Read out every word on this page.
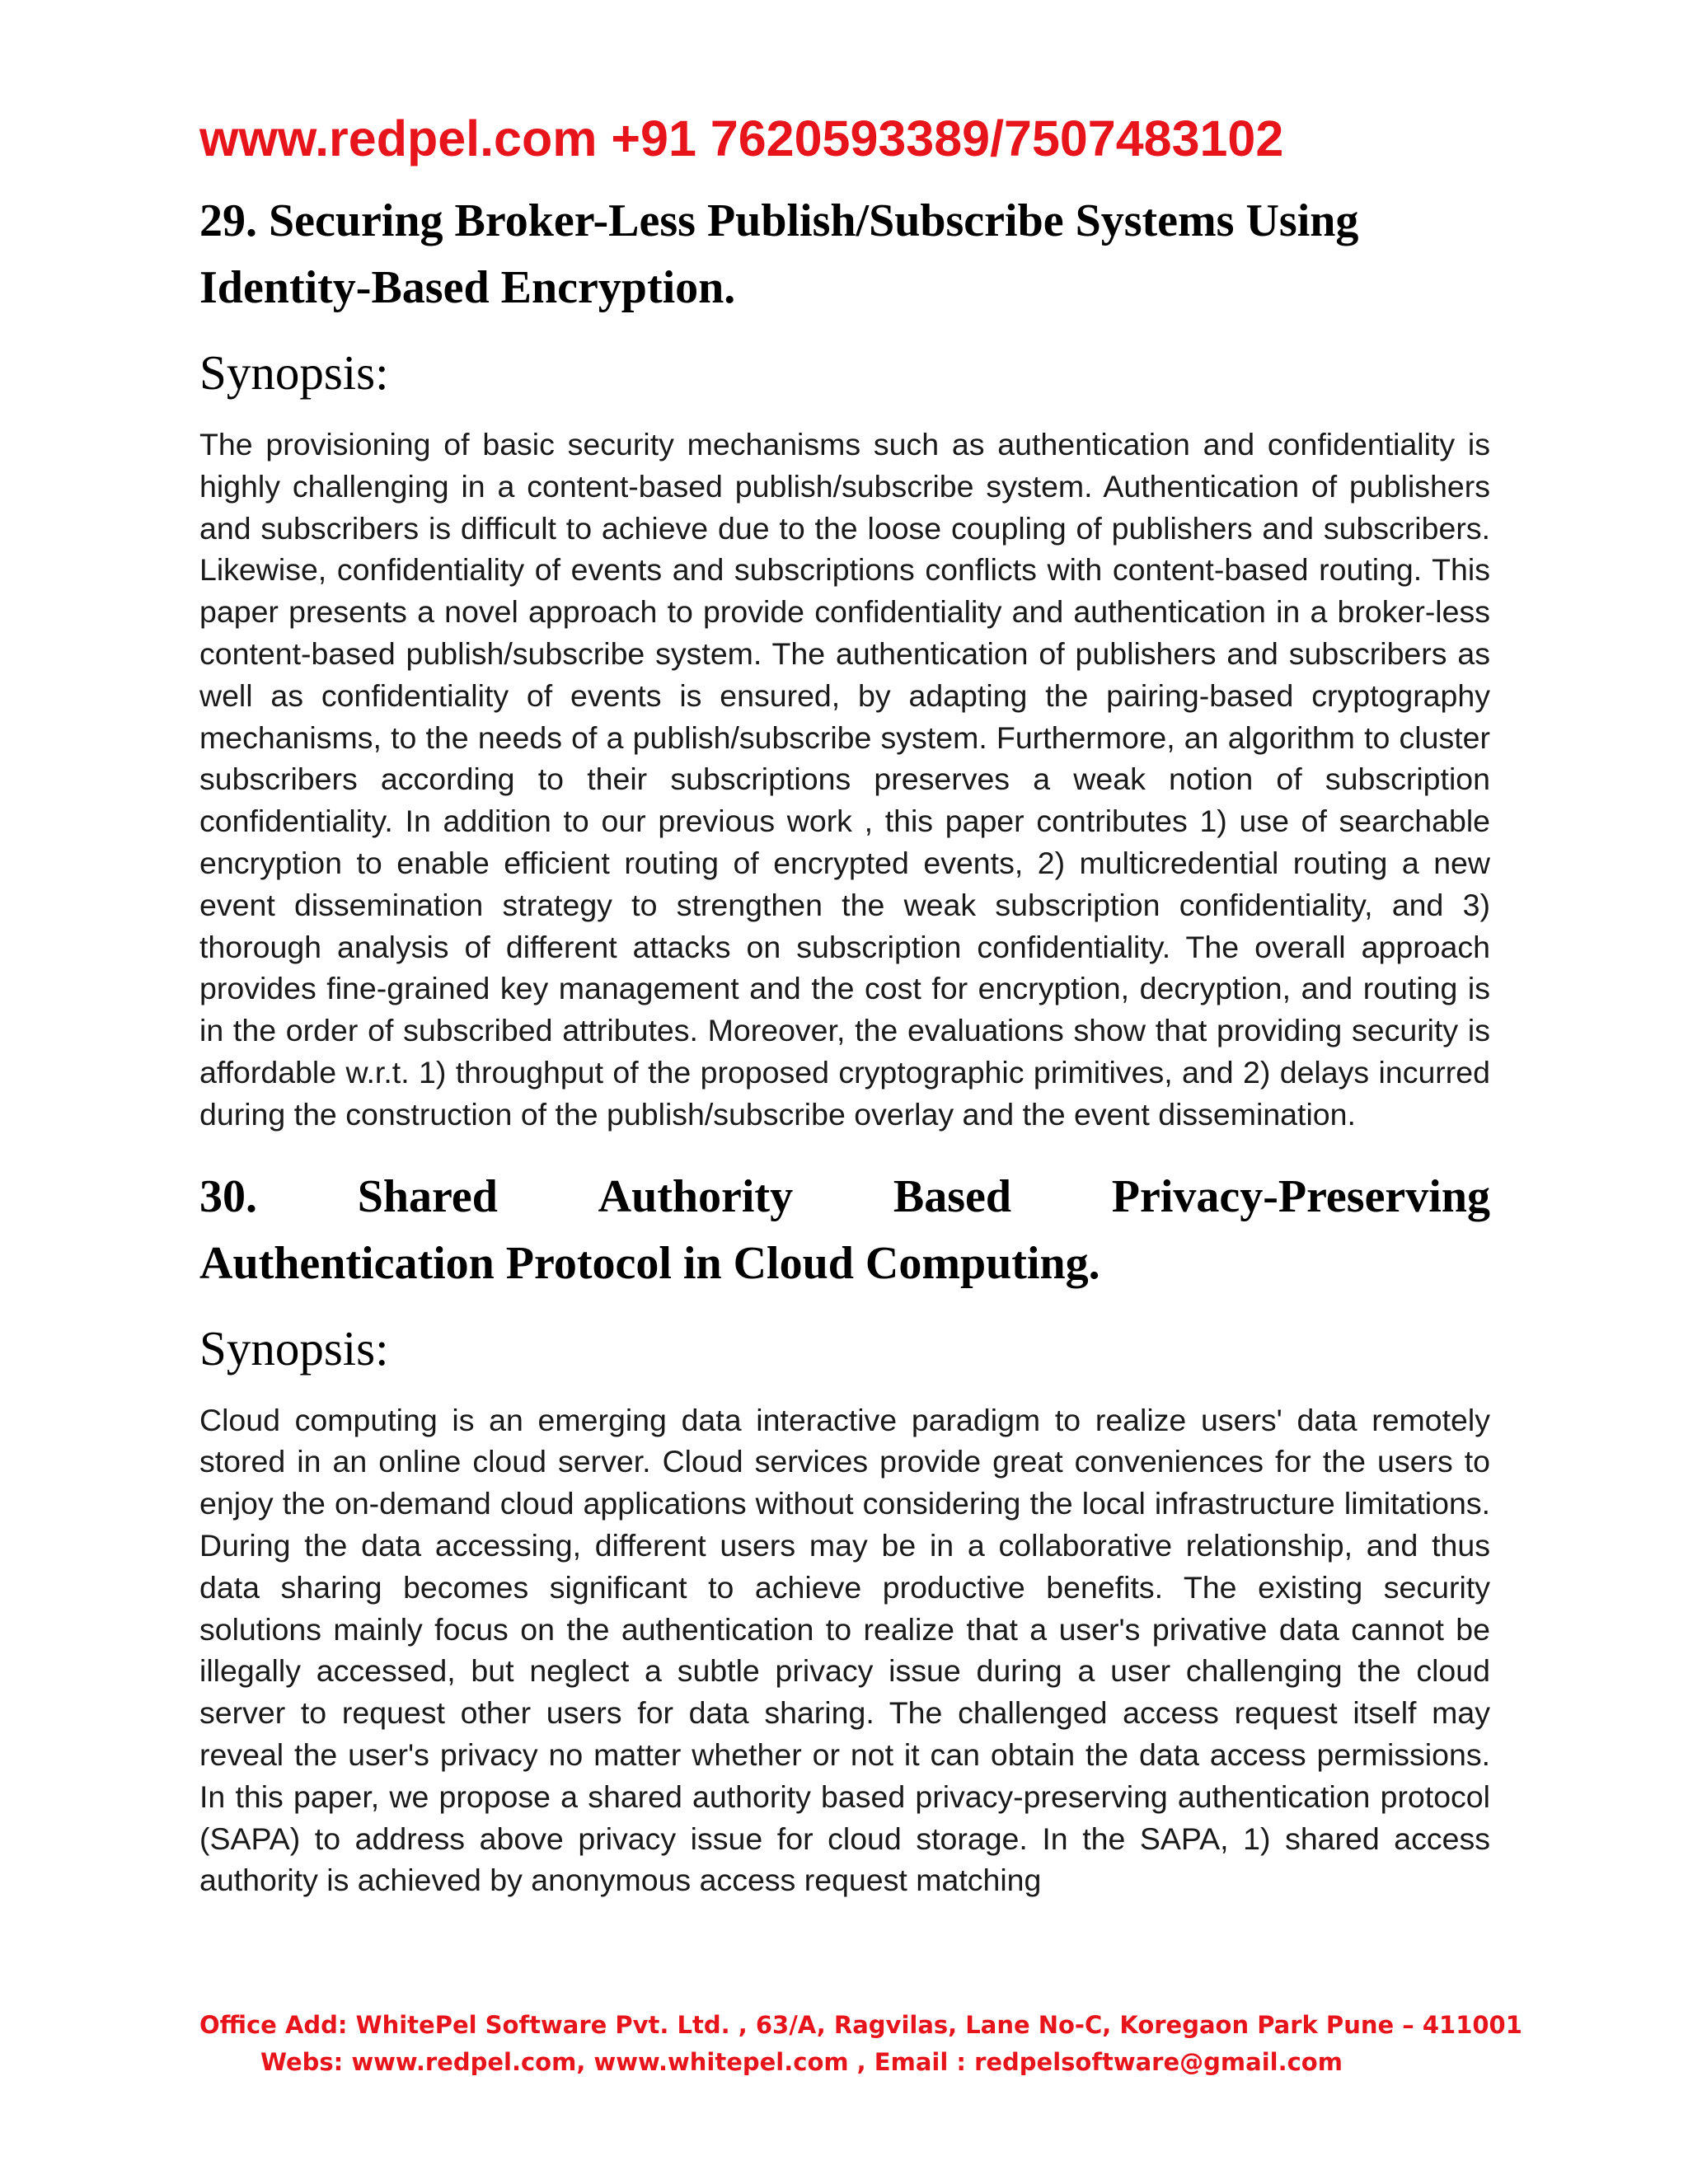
www.redpel.com +91 7620593389/7507483102
29. Securing Broker-Less Publish/Subscribe Systems Using
Identity-Based Encryption.
Synopsis:

The provisioning of basic security mechanisms such as authentication and confidentiality is highly challenging in a content-based publish/subscribe system. Authentication of publishers and subscribers is difficult to achieve due to the loose coupling of publishers and subscribers. Likewise, confidentiality of events and subscriptions conflicts with content-based routing. This paper presents a novel approach to provide confidentiality and authentication in a broker-less content-based publish/subscribe system. The authentication of publishers and subscribers as well as confidentiality of events is ensured, by adapting the pairing-based cryptography mechanisms, to the needs of a publish/subscribe system. Furthermore, an algorithm to cluster subscribers according to their subscriptions preserves a weak notion of subscription confidentiality. In addition to our previous work , this paper contributes 1) use of searchable encryption to enable efficient routing of encrypted events, 2) multicredential routing a new event dissemination strategy to strengthen the weak subscription confidentiality, and 3) thorough analysis of different attacks on subscription confidentiality. The overall approach provides fine-grained key management and the cost for encryption, decryption, and routing is in the order of subscribed attributes. Moreover, the evaluations show that providing security is affordable w.r.t. 1) throughput of the proposed cryptographic primitives, and 2) delays incurred during the construction of the publish/subscribe overlay and the event dissemination.

30. Shared Authority Based Privacy-Preserving
Authentication Protocol in Cloud Computing.
Synopsis:

Cloud computing is an emerging data interactive paradigm to realize users' data remotely stored in an online cloud server. Cloud services provide great conveniences for the users to enjoy the on-demand cloud applications without considering the local infrastructure limitations. During the data accessing, different users may be in a collaborative relationship, and thus data sharing becomes significant to achieve productive benefits. The existing security solutions mainly focus on the authentication to realize that a user's privative data cannot be illegally accessed, but neglect a subtle privacy issue during a user challenging the cloud server to request other users for data sharing. The challenged access request itself may reveal the user's privacy no matter whether or not it can obtain the data access permissions. In this paper, we propose a shared authority based privacy-preserving authentication protocol (SAPA) to address above privacy issue for cloud storage. In the SAPA, 1) shared access authority is achieved by anonymous access request matching

Office Add: WhitePel Software Pvt. Ltd. , 63/A, Ragvilas, Lane No-C, Koregaon Park Pune – 411001
Webs: www.redpel.com, www.whitepel.com , Email : redpelsoftware@gmail.com
